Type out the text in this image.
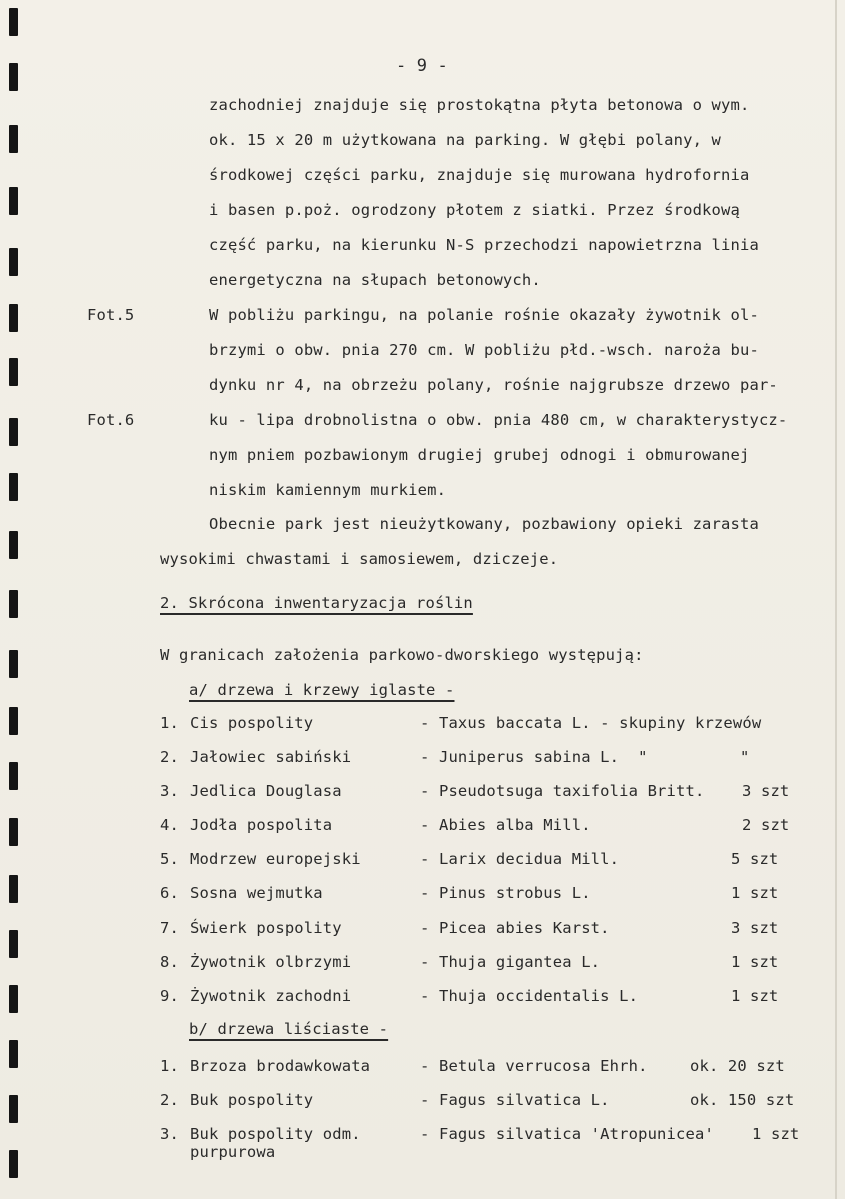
- 9 -
zachodniej znajduje się prostokątna płyta betonowa o wym.
ok. 15 x 20 m użytkowana na parking. W głębi polany, w
środkowej części parku, znajduje się murowana hydrofornia
i basen p.poż. ogrodzony płotem z siatki. Przez środkową
część parku, na kierunku N-S przechodzi napowietrzna linia
energetyczna na słupach betonowych.
Fot.5	W pobliżu parkingu, na polanie rośnie okazały żywotnik ol-
brzymi o obw. pnia 270 cm. W pobliżu płd.-wsch. naroża bu-
dynku nr 4, na obrzeżu polany, rośnie najgrubsze drzewo par-
Fot.6	ku - lipa drobnolistna o obw. pnia 480 cm, w charakterystycz-
nym pniem pozbawionym drugiej grubej odnogi i obmurowanej
niskim kamiennym murkiem.
Obecnie park jest nieużytkowany, pozbawiony opieki zarasta
wysokimi chwastami i samosiewem, dziczeje.
2. Skrócona inwentaryzacja roślin
W granicach założenia parkowo-dworskiego występują:
a/ drzewa i krzewy iglaste -
1. Cis pospolity	- Taxus baccata L. - skupiny krzewów
2. Jałowiec sabiński	- Juniperus sabina L.  "	"
3. Jedlica Douglasa	- Pseudotsuga taxifolia Britt. 3 szt
4. Jodła pospolita	- Abies alba Mill.	2 szt
5. Modrzew europejski	- Larix decidua Mill.	5 szt
6. Sosna wejmutka	- Pinus strobus L.	1 szt
7. Świerk pospolity	- Picea abies Karst.	3 szt
8. Żywotnik olbrzymi	- Thuja gigantea L.	1 szt
9. Żywotnik zachodni	- Thuja occidentalis L.	1 szt
b/ drzewa liściaste -
1. Brzoza brodawkowata	- Betula verrucosa Ehrh.	ok. 20 szt
2. Buk pospolity	- Fagus silvatica L.	ok. 150 szt
3. Buk pospolity odm.
purpurowa
- Fagus silvatica 'Atropunicea' 1 szt
